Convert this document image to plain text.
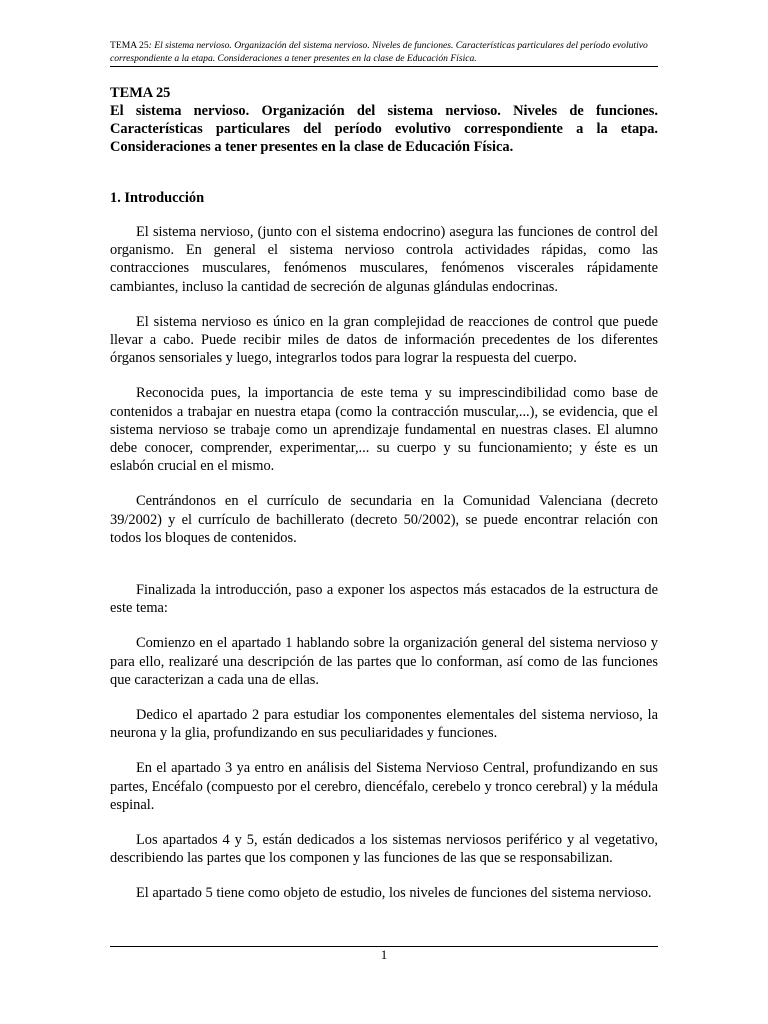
TEMA 25: El sistema nervioso. Organización del sistema nervioso. Niveles de funciones. Características particulares del período evolutivo correspondiente a la etapa. Consideraciones a tener presentes en la clase de Educación Física.
TEMA 25
El sistema nervioso. Organización del sistema nervioso. Niveles de funciones. Características particulares del período evolutivo correspondiente a la etapa. Consideraciones a tener presentes en la clase de Educación Física.
1. Introducción

El sistema nervioso, (junto con el sistema endocrino) asegura las funciones de control del organismo. En general el sistema nervioso controla actividades rápidas, como las contracciones musculares, fenómenos musculares, fenómenos viscerales rápidamente cambiantes, incluso la cantidad de secreción de algunas glándulas endocrinas.

El sistema nervioso es único en la gran complejidad de reacciones de control que puede llevar a cabo. Puede recibir miles de datos de información precedentes de los diferentes órganos sensoriales y luego, integrarlos todos para lograr la respuesta del cuerpo.

Reconocida pues, la importancia de este tema y su imprescindibilidad como base de contenidos a trabajar en nuestra etapa (como la contracción muscular,...), se evidencia, que el sistema nervioso se trabaje como un aprendizaje fundamental en nuestras clases. El alumno debe conocer, comprender, experimentar,... su cuerpo y su funcionamiento; y éste es un eslabón crucial en el mismo.

Centrándonos en el currículo de secundaria en la Comunidad Valenciana (decreto 39/2002) y el currículo de bachillerato (decreto 50/2002), se puede encontrar relación con todos los bloques de contenidos.

Finalizada la introducción, paso a exponer los aspectos más estacados de la estructura de este tema:

Comienzo en el apartado 1 hablando sobre la organización general del sistema nervioso y para ello, realizaré una descripción de las partes que lo conforman, así como de las funciones que caracterizan a cada una de ellas.

Dedico el apartado 2 para estudiar los componentes elementales del sistema nervioso, la neurona y la glia, profundizando en sus peculiaridades y funciones.

En el apartado 3 ya entro en análisis del Sistema Nervioso Central, profundizando en sus partes, Encéfalo (compuesto por el cerebro, diencéfalo, cerebelo y tronco cerebral) y la médula espinal.

Los apartados 4 y 5, están dedicados a los sistemas nerviosos periférico y al vegetativo, describiendo las partes que los componen y las funciones de las que se responsabilizan.

El apartado 5 tiene como objeto de estudio, los niveles de funciones del sistema nervioso.

1
